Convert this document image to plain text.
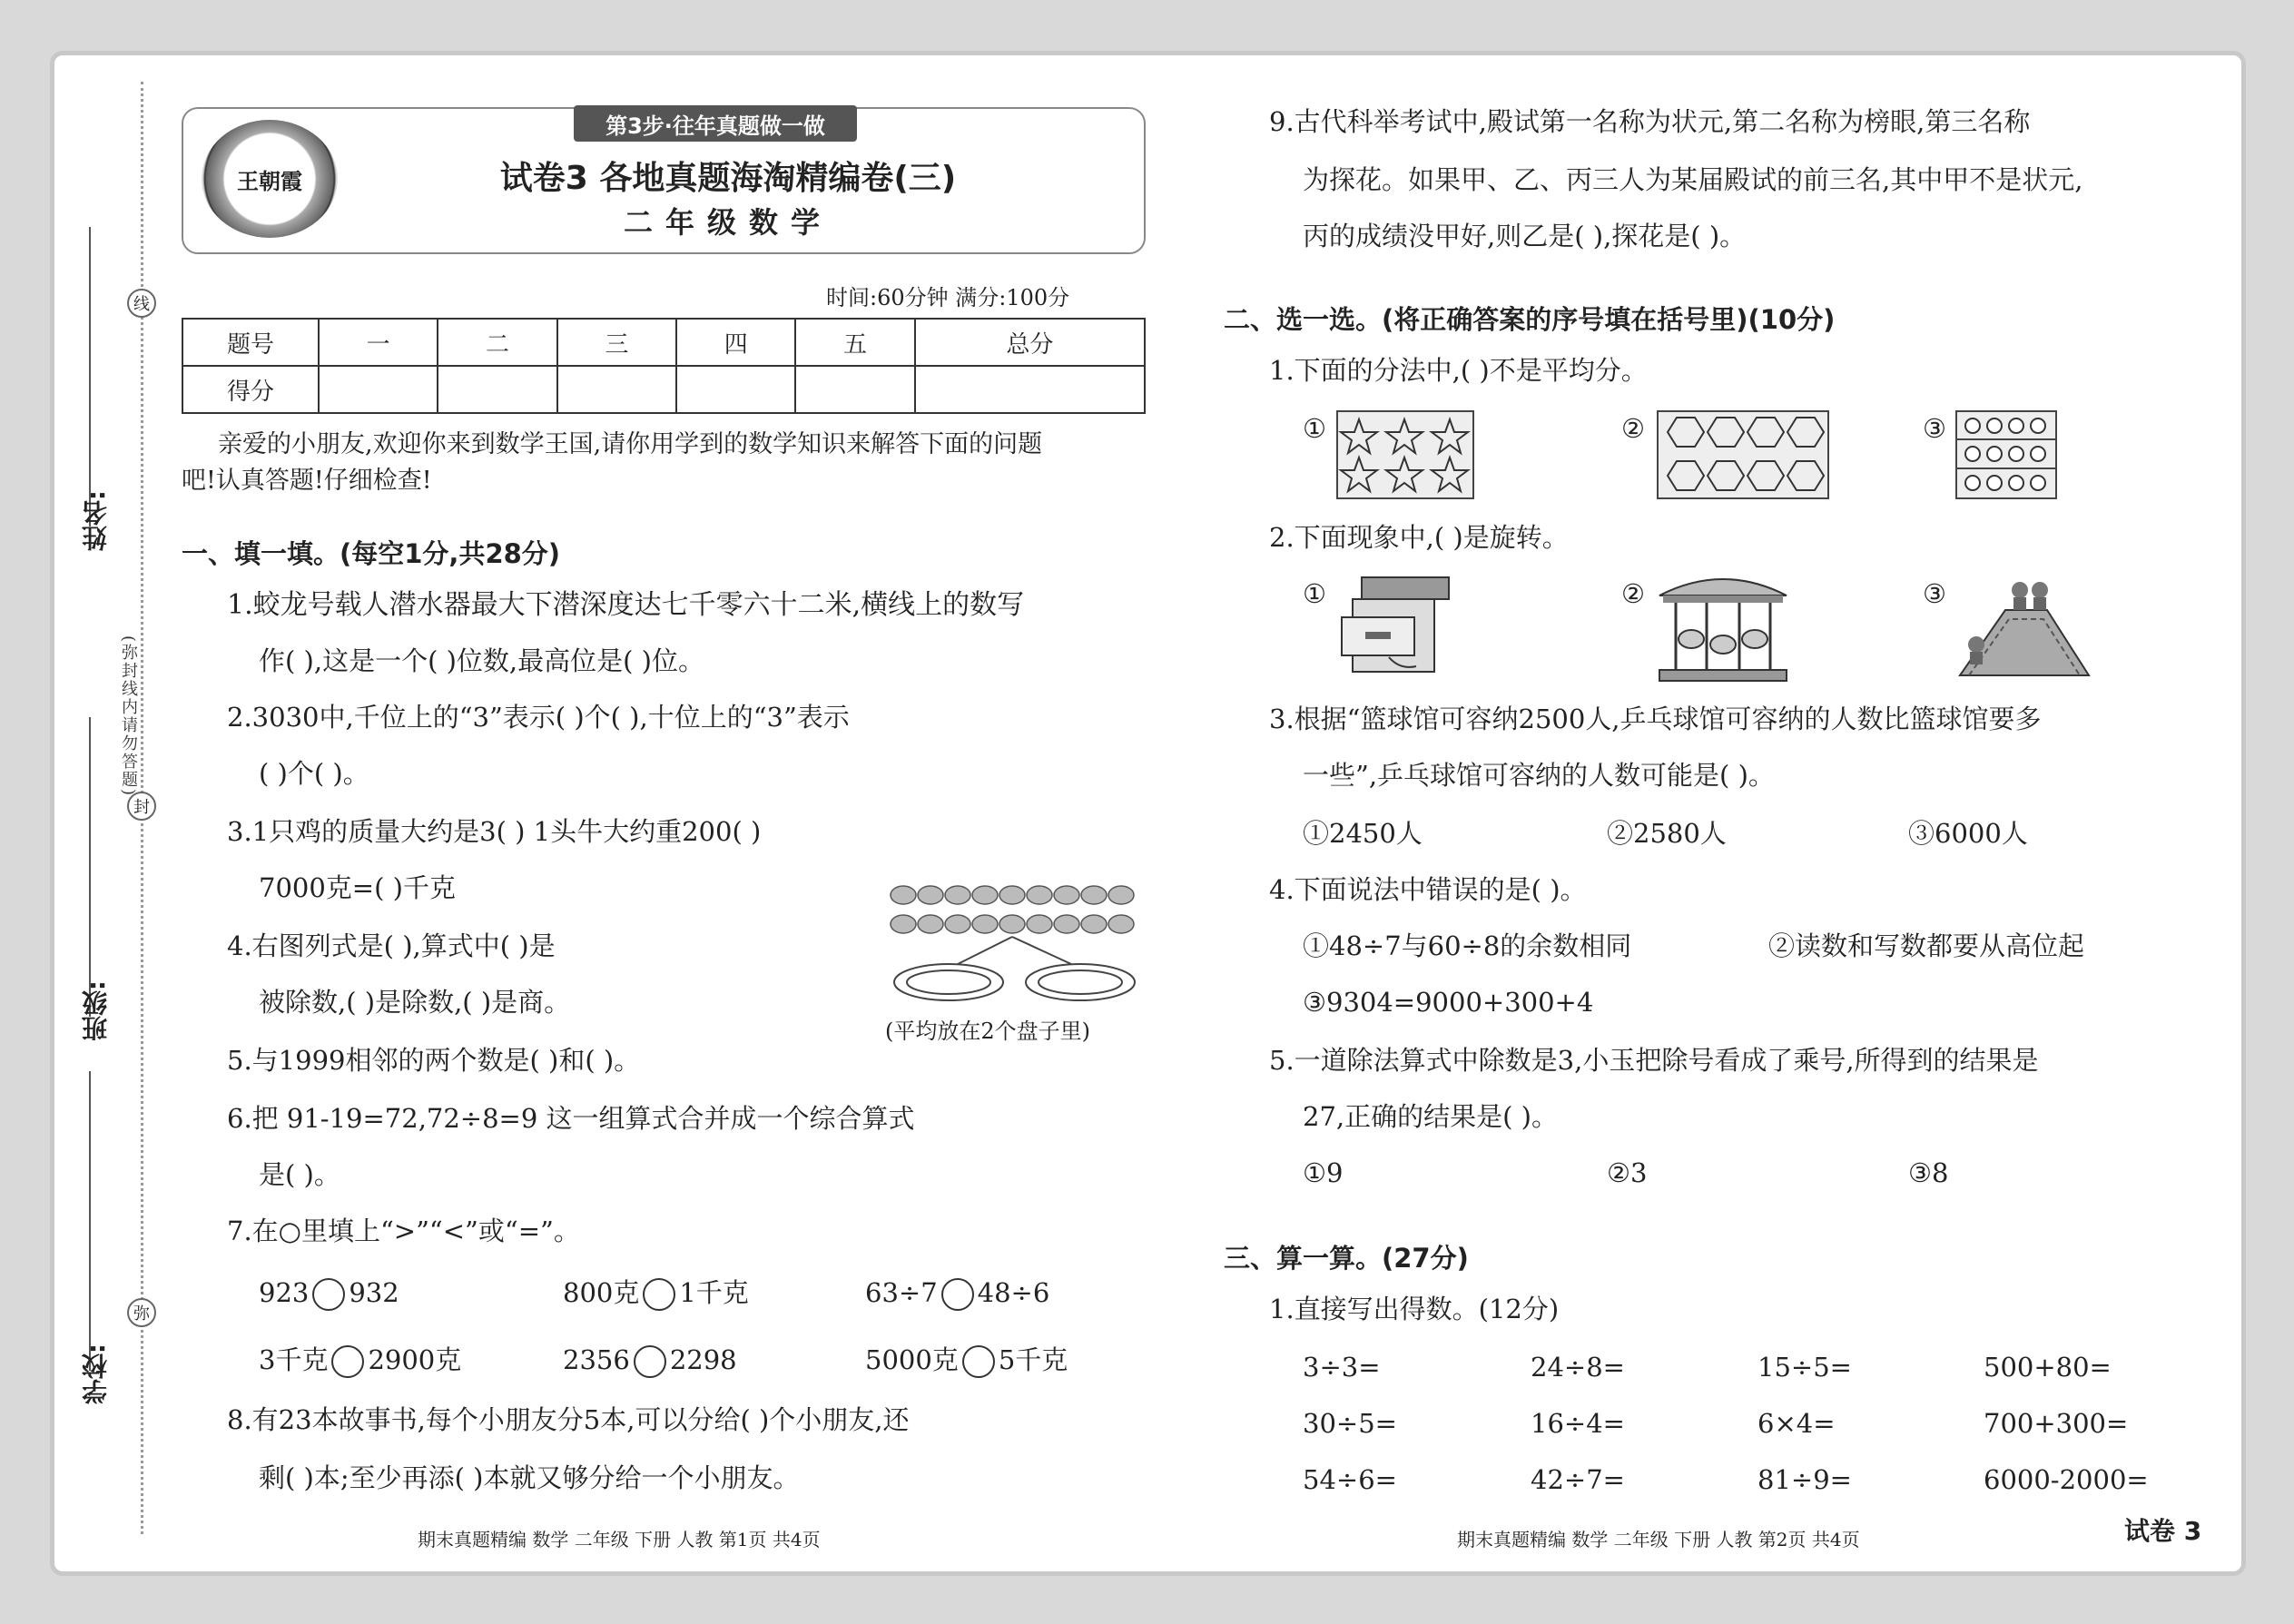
线
封
弥
姓名:
班级:
学校:
(弥封线内请勿答题)
王朝霞
第3步·往年真题做一做
试卷3 各地真题海淘精编卷(三)
二年级数学
时间:60分钟 满分:100分
题号	一	二	三	四	五	总分
得分						
亲爱的小朋友,欢迎你来到数学王国,请你用学到的数学知识来解答下面的问题
吧!认真答题!仔细检查!
一、填一填。(每空1分,共28分)
1.蛟龙号载人潜水器最大下潜深度达七千零六十二米,横线上的数写
作( ),这是一个( )位数,最高位是( )位。
2.3030中,千位上的“3”表示( )个( ),十位上的“3”表示
( )个( )。
3.1只鸡的质量大约是3( ) 1头牛大约重200( )
7000克=( )千克
4.右图列式是( ),算式中( )是
被除数,( )是除数,( )是商。
(平均放在2个盘子里)
5.与1999相邻的两个数是( )和( )。
6.把 91-19=72,72÷8=9 这一组算式合并成一个综合算式
是( )。
7.在○里填上“>”“<”或“=”。
923 932	800克 1千克	63÷7 48÷6
3千克 2900克	2356 2298	5000克 5千克
8.有23本故事书,每个小朋友分5本,可以分给( )个小朋友,还
剩( )本;至少再添( )本就又够分给一个小朋友。
期末真题精编 数学 二年级 下册 人教 第1页 共4页
9.古代科举考试中,殿试第一名称为状元,第二名称为榜眼,第三名称
为探花。如果甲、乙、丙三人为某届殿试的前三名,其中甲不是状元,
丙的成绩没甲好,则乙是( ),探花是( )。
二、选一选。(将正确答案的序号填在括号里)(10分)
1.下面的分法中,( )不是平均分。
①	②	③
2.下面现象中,( )是旋转。
①	②	③
3.根据“篮球馆可容纳2500人,乒乓球馆可容纳的人数比篮球馆要多
一些”,乒乓球馆可容纳的人数可能是( )。
①2450人	②2580人	③6000人
4.下面说法中错误的是( )。
①48÷7与60÷8的余数相同	②读数和写数都要从高位起
③9304=9000+300+4
5.一道除法算式中除数是3,小玉把除号看成了乘号,所得到的结果是
27,正确的结果是( )。
①9	②3	③8
三、算一算。(27分)
1.直接写出得数。(12分)
3÷3=	24÷8=	15÷5=	500+80=
30÷5=	16÷4=	6×4=	700+300=
54÷6=	42÷7=	81÷9=	6000-2000=
期末真题精编 数学 二年级 下册 人教 第2页 共4页	试卷 3
